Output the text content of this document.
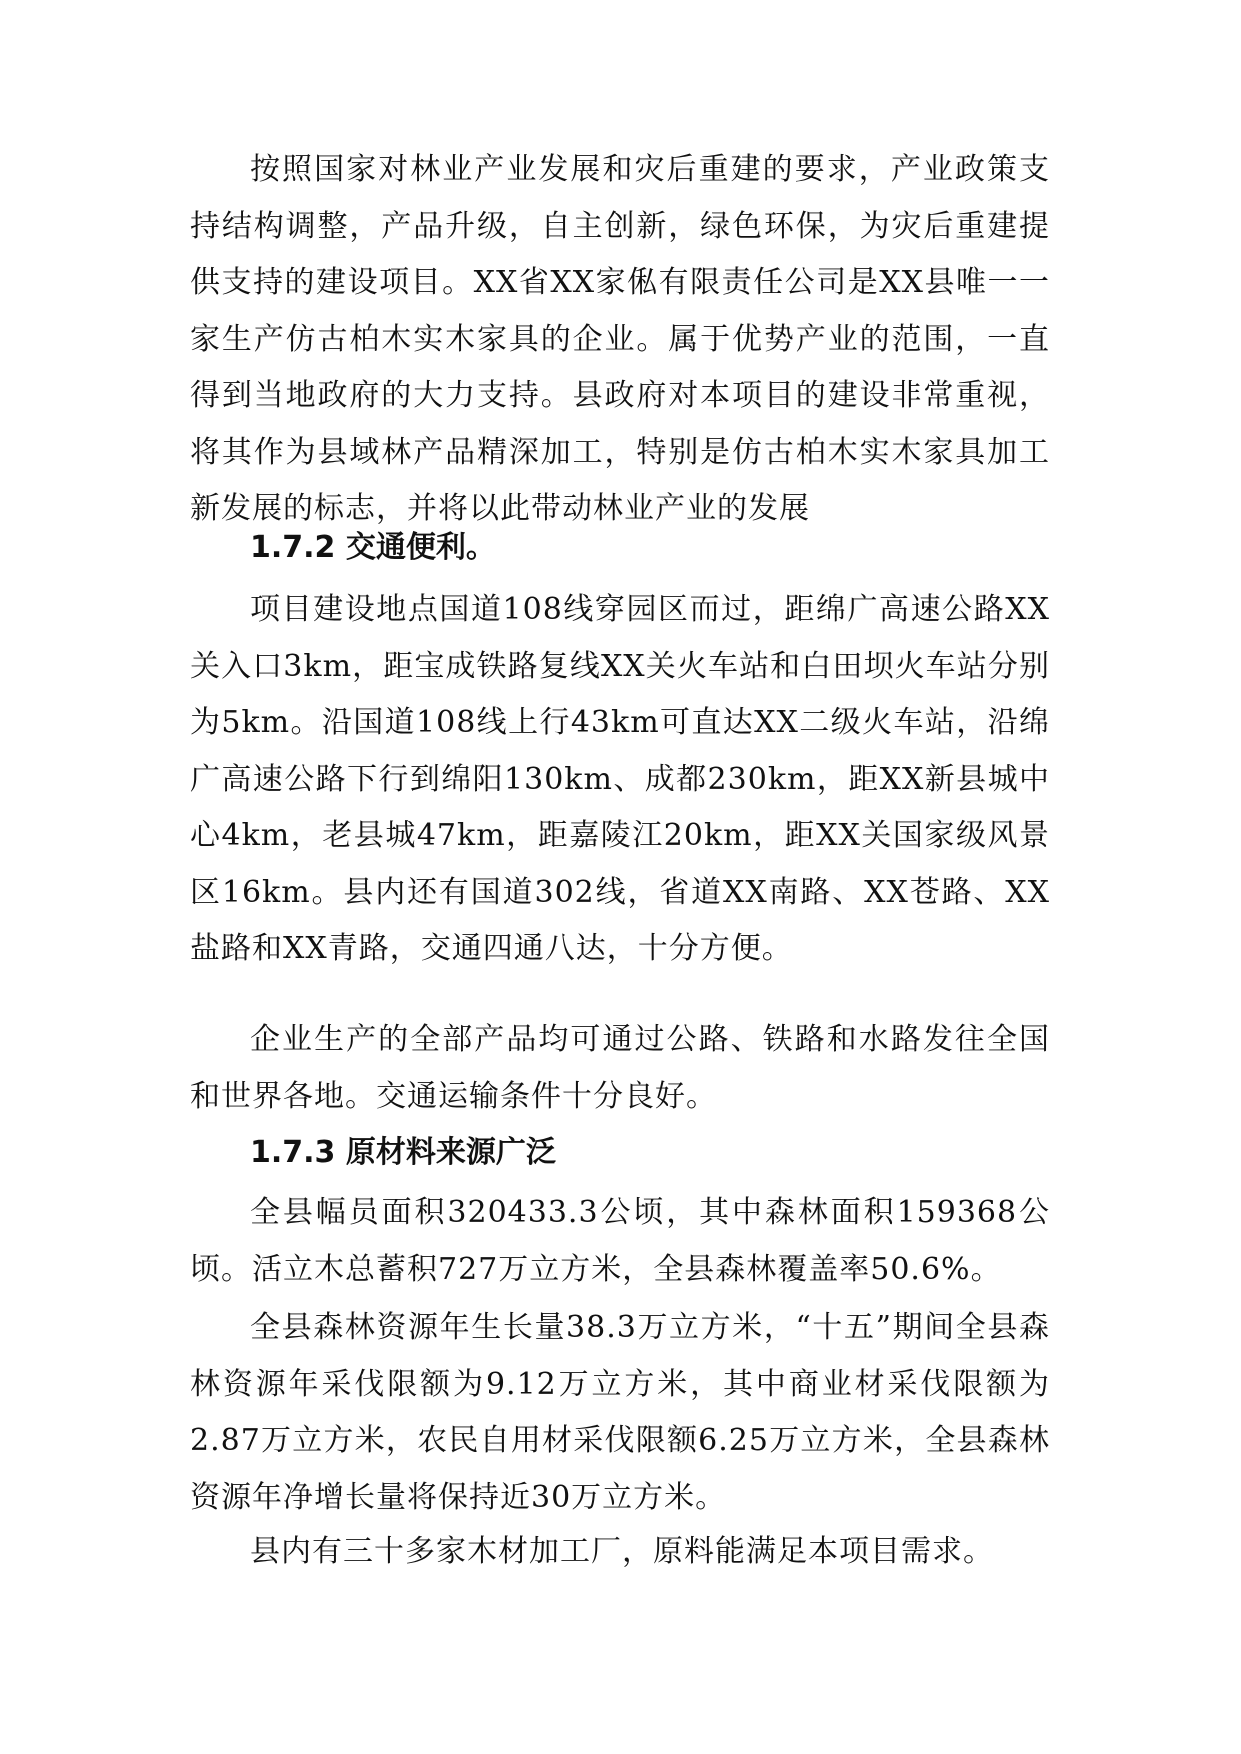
按照国家对林业产业发展和灾后重建的要求，产业政策支持结构调整，产品升级，自主创新，绿色环保，为灾后重建提供支持的建设项目。XX省XX家俬有限责任公司是XX县唯一一家生产仿古柏木实木家具的企业。属于优势产业的范围，一直得到当地政府的大力支持。县政府对本项目的建设非常重视，将其作为县域林产品精深加工，特别是仿古柏木实木家具加工新发展的标志，并将以此带动林业产业的发展

1.7.2 交通便利。

项目建设地点国道108线穿园区而过，距绵广高速公路XX关入口3km，距宝成铁路复线XX关火车站和白田坝火车站分别为5km。沿国道108线上行43km可直达XX二级火车站，沿绵广高速公路下行到绵阳130km、成都230km，距XX新县城中心4km，老县城47km，距嘉陵江20km，距XX关国家级风景区16km。县内还有国道302线，省道XX南路、XX苍路、XX盐路和XX青路，交通四通八达，十分方便。

企业生产的全部产品均可通过公路、铁路和水路发往全国和世界各地。交通运输条件十分良好。

1.7.3 原材料来源广泛

全县幅员面积320433.3公顷，其中森林面积159368公顷。活立木总蓄积727万立方米，全县森林覆盖率50.6%。

全县森林资源年生长量38.3万立方米，“十五”期间全县森林资源年采伐限额为9.12万立方米，其中商业材采伐限额为2.87万立方米，农民自用材采伐限额6.25万立方米，全县森林资源年净增长量将保持近30万立方米。

县内有三十多家木材加工厂，原料能满足本项目需求。
